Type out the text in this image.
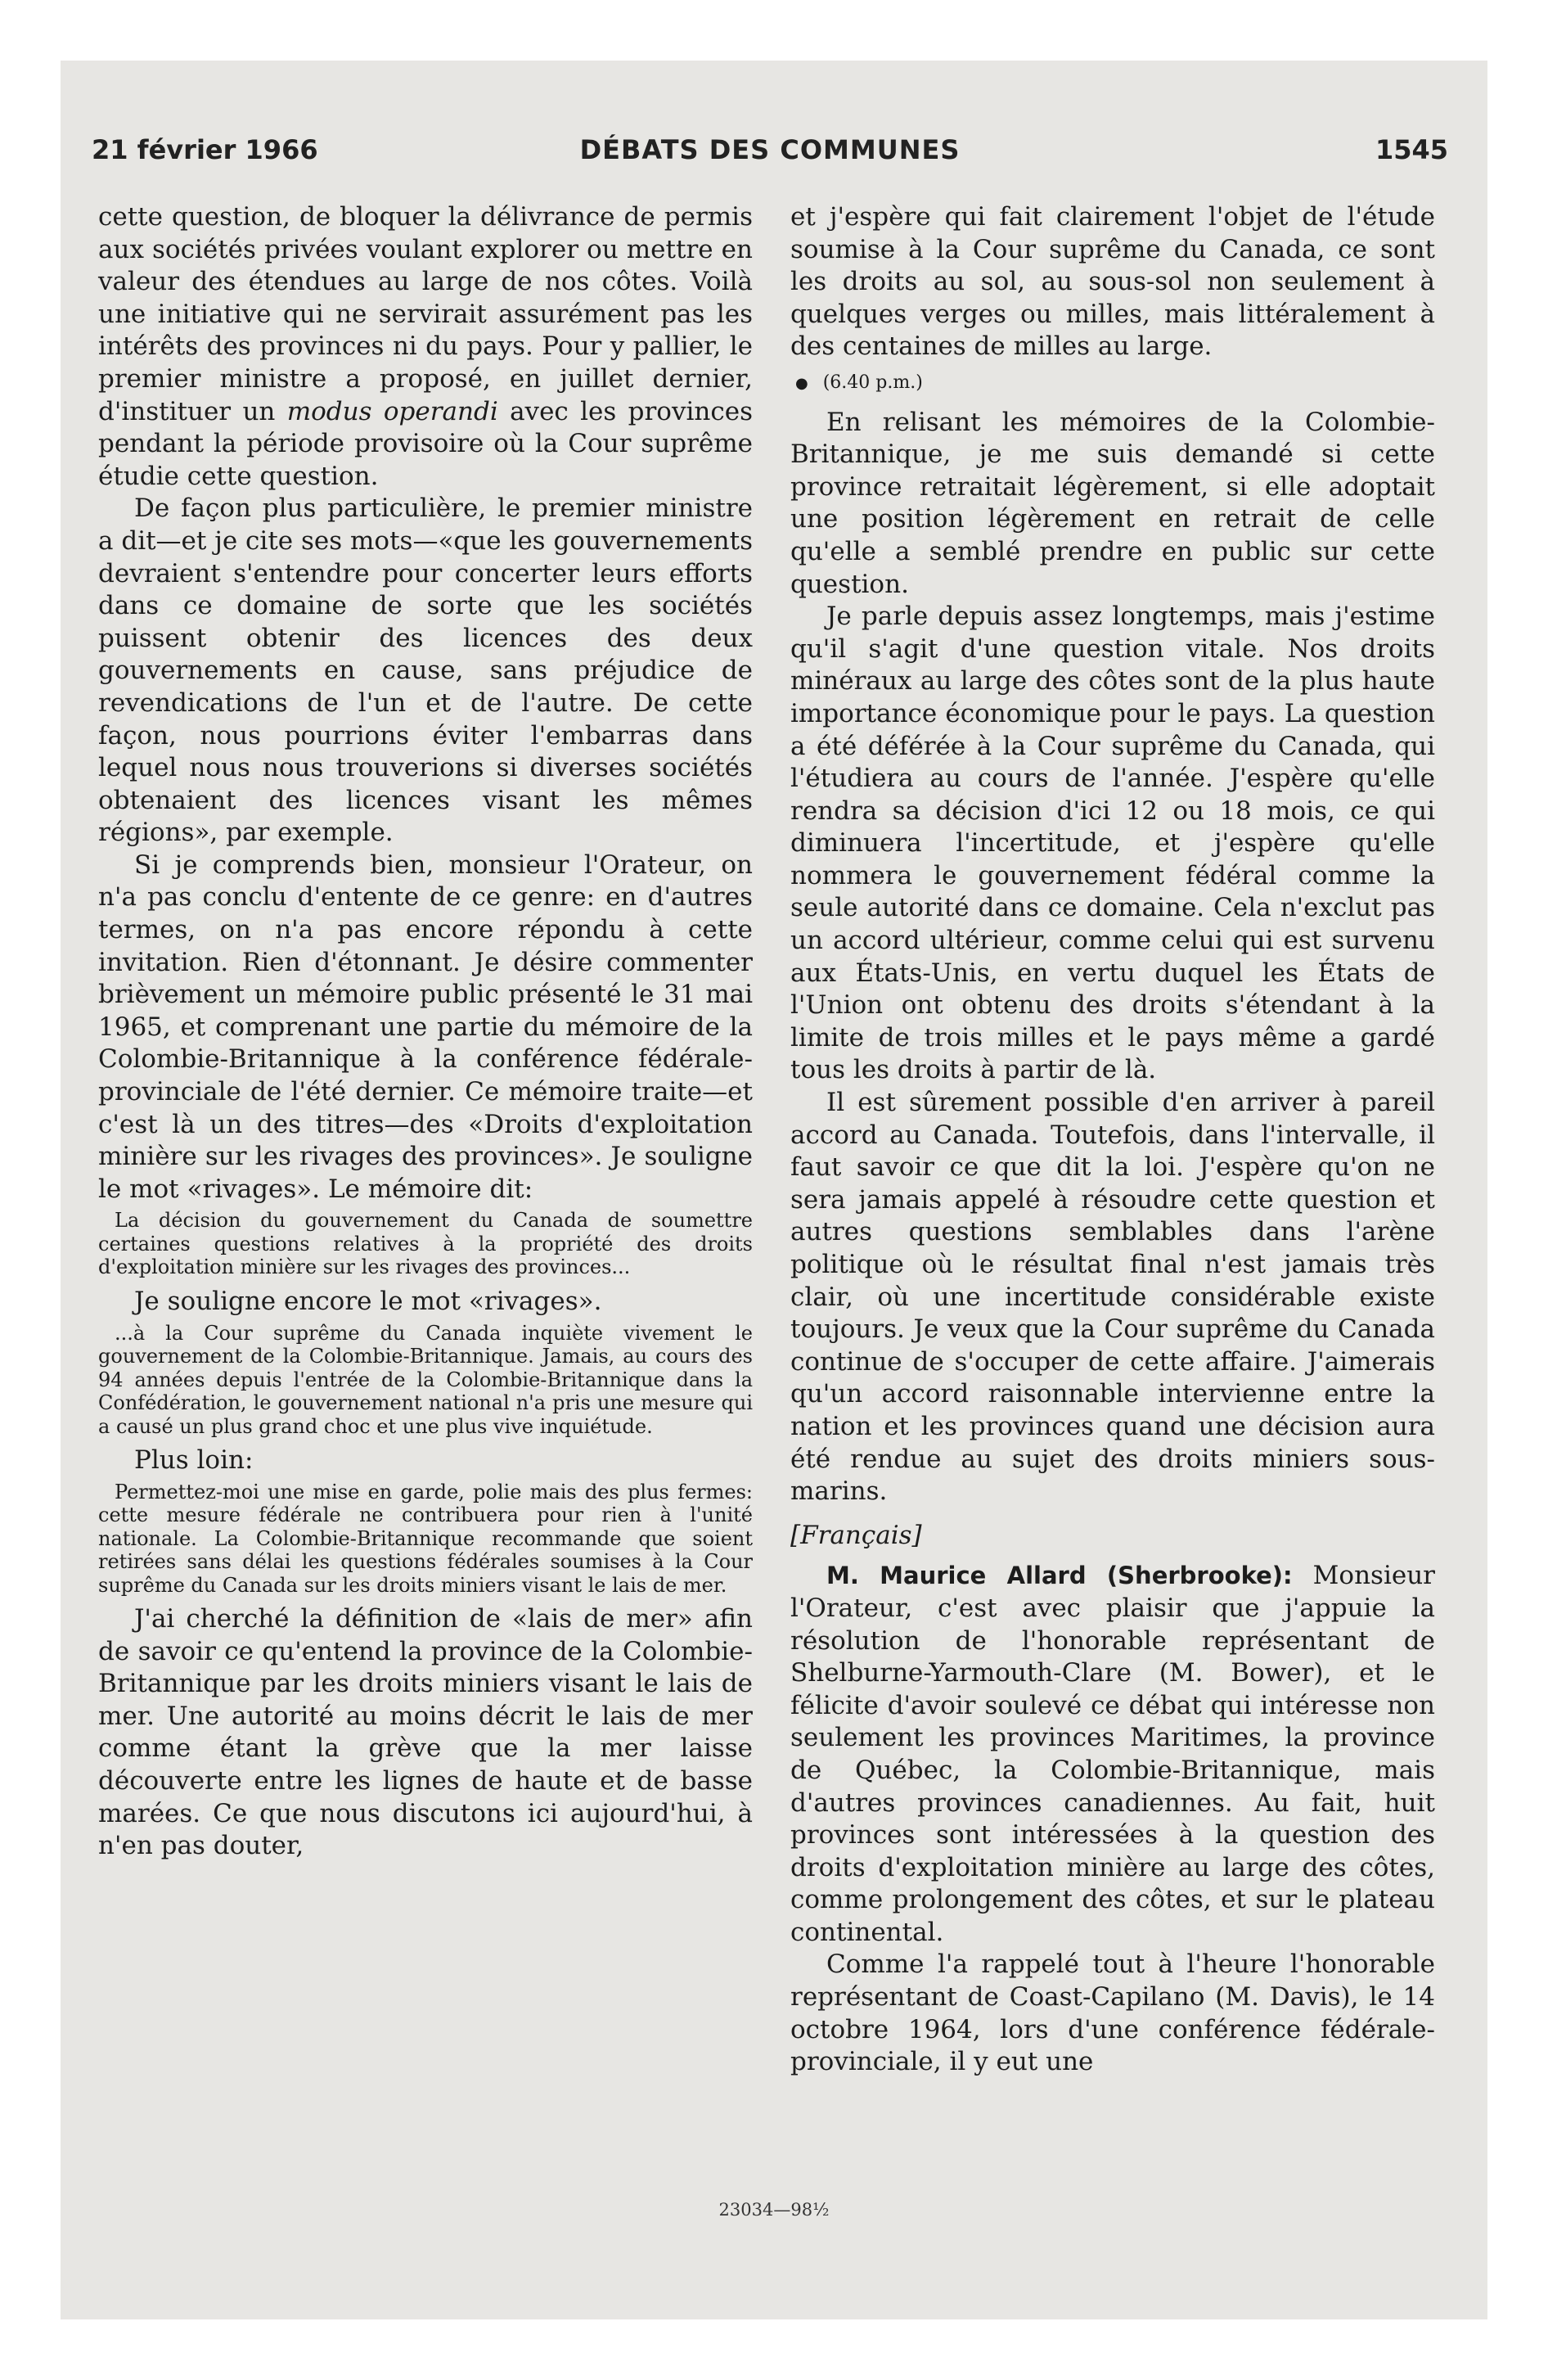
21 février 1966	DÉBATS DES COMMUNES	1545

cette question, de bloquer la délivrance de permis aux sociétés privées voulant explorer ou mettre en valeur des étendues au large de nos côtes. Voilà une initiative qui ne servirait assurément pas les intérêts des provinces ni du pays. Pour y pallier, le premier ministre a proposé, en juillet dernier, d'instituer un modus operandi avec les provinces pendant la période provisoire où la Cour suprême étudie cette question.

De façon plus particulière, le premier ministre a dit—et je cite ses mots—«que les gouvernements devraient s'entendre pour concerter leurs efforts dans ce domaine de sorte que les sociétés puissent obtenir des licences des deux gouvernements en cause, sans préjudice de revendications de l'un et de l'autre. De cette façon, nous pourrions éviter l'embarras dans lequel nous nous trouverions si diverses sociétés obtenaient des licences visant les mêmes régions», par exemple.

Si je comprends bien, monsieur l'Orateur, on n'a pas conclu d'entente de ce genre: en d'autres termes, on n'a pas encore répondu à cette invitation. Rien d'étonnant. Je désire commenter brièvement un mémoire public présenté le 31 mai 1965, et comprenant une partie du mémoire de la Colombie-Britannique à la conférence fédérale-provinciale de l'été dernier. Ce mémoire traite—et c'est là un des titres—des «Droits d'exploitation minière sur les rivages des provinces». Je souligne le mot «rivages». Le mémoire dit:

La décision du gouvernement du Canada de soumettre certaines questions relatives à la propriété des droits d'exploitation minière sur les rivages des provinces...

Je souligne encore le mot «rivages».

...à la Cour suprême du Canada inquiète vivement le gouvernement de la Colombie-Britannique. Jamais, au cours des 94 années depuis l'entrée de la Colombie-Britannique dans la Confédération, le gouvernement national n'a pris une mesure qui a causé un plus grand choc et une plus vive inquiétude.

Plus loin:

Permettez-moi une mise en garde, polie mais des plus fermes: cette mesure fédérale ne contribuera pour rien à l'unité nationale. La Colombie-Britannique recommande que soient retirées sans délai les questions fédérales soumises à la Cour suprême du Canada sur les droits miniers visant le lais de mer.

J'ai cherché la définition de «lais de mer» afin de savoir ce qu'entend la province de la Colombie-Britannique par les droits miniers visant le lais de mer. Une autorité au moins décrit le lais de mer comme étant la grève que la mer laisse découverte entre les lignes de haute et de basse marées. Ce que nous discutons ici aujourd'hui, à n'en pas douter,

et j'espère qui fait clairement l'objet de l'étude soumise à la Cour suprême du Canada, ce sont les droits au sol, au sous-sol non seulement à quelques verges ou milles, mais littéralement à des centaines de milles au large.

● (6.40 p.m.)

En relisant les mémoires de la Colombie-Britannique, je me suis demandé si cette province retraitait légèrement, si elle adoptait une position légèrement en retrait de celle qu'elle a semblé prendre en public sur cette question.

Je parle depuis assez longtemps, mais j'estime qu'il s'agit d'une question vitale. Nos droits minéraux au large des côtes sont de la plus haute importance économique pour le pays. La question a été déférée à la Cour suprême du Canada, qui l'étudiera au cours de l'année. J'espère qu'elle rendra sa décision d'ici 12 ou 18 mois, ce qui diminuera l'incertitude, et j'espère qu'elle nommera le gouvernement fédéral comme la seule autorité dans ce domaine. Cela n'exclut pas un accord ultérieur, comme celui qui est survenu aux États-Unis, en vertu duquel les États de l'Union ont obtenu des droits s'étendant à la limite de trois milles et le pays même a gardé tous les droits à partir de là.

Il est sûrement possible d'en arriver à pareil accord au Canada. Toutefois, dans l'intervalle, il faut savoir ce que dit la loi. J'espère qu'on ne sera jamais appelé à résoudre cette question et autres questions semblables dans l'arène politique où le résultat final n'est jamais très clair, où une incertitude considérable existe toujours. Je veux que la Cour suprême du Canada continue de s'occuper de cette affaire. J'aimerais qu'un accord raisonnable intervienne entre la nation et les provinces quand une décision aura été rendue au sujet des droits miniers sous-marins.

[Français]

M. Maurice Allard (Sherbrooke): Monsieur l'Orateur, c'est avec plaisir que j'appuie la résolution de l'honorable représentant de Shelburne-Yarmouth-Clare (M. Bower), et le félicite d'avoir soulevé ce débat qui intéresse non seulement les provinces Maritimes, la province de Québec, la Colombie-Britannique, mais d'autres provinces canadiennes. Au fait, huit provinces sont intéressées à la question des droits d'exploitation minière au large des côtes, comme prolongement des côtes, et sur le plateau continental.

Comme l'a rappelé tout à l'heure l'honorable représentant de Coast-Capilano (M. Davis), le 14 octobre 1964, lors d'une conférence fédérale-provinciale, il y eut une

23034—98½
